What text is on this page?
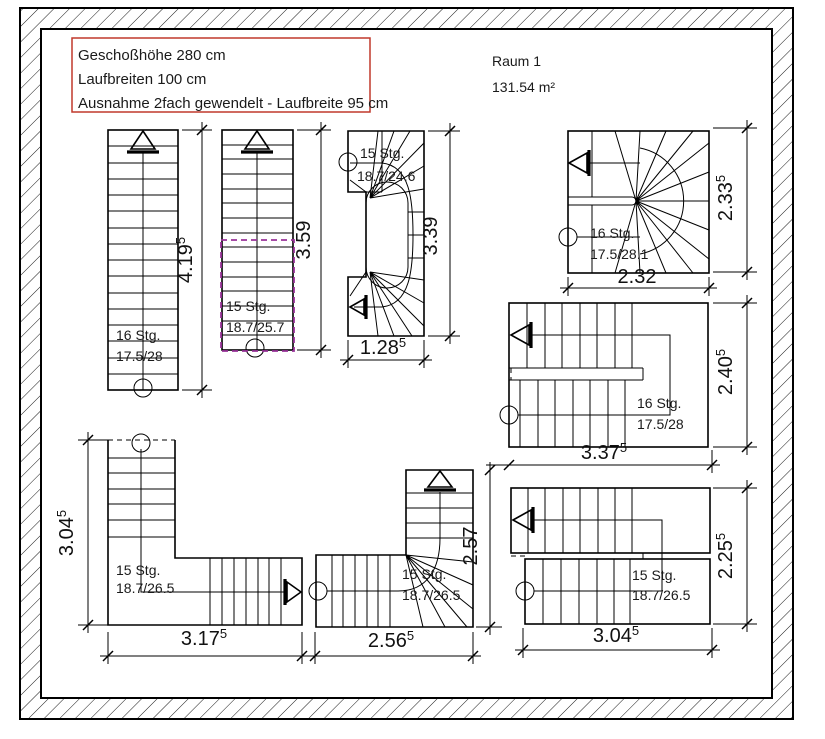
Geschoßhöhe 280 cm
Laufbreiten 100 cm
Ausnahme 2fach gewendelt - Laufbreite 95 cm
Raum 1
131.54 m²
16 Stg.
17.5/28
15 Stg.
18.7/25.7
15 Stg.
18.7/24.6
16 Stg.
17.5/28.1
16 Stg.
17.5/28
15 Stg.
18.7/26.5
15 Stg.
18.7/26.5
15 Stg.
18.7/26.5
4.19$^5$	3.59	3.39
1.28$^5$
2.33$^5$
2.32
2.40$^5$
3.37$^5$
2.25$^5$
3.04$^5$
2.57
2.56$^5$
3.04$^5$
3.17$^5$
